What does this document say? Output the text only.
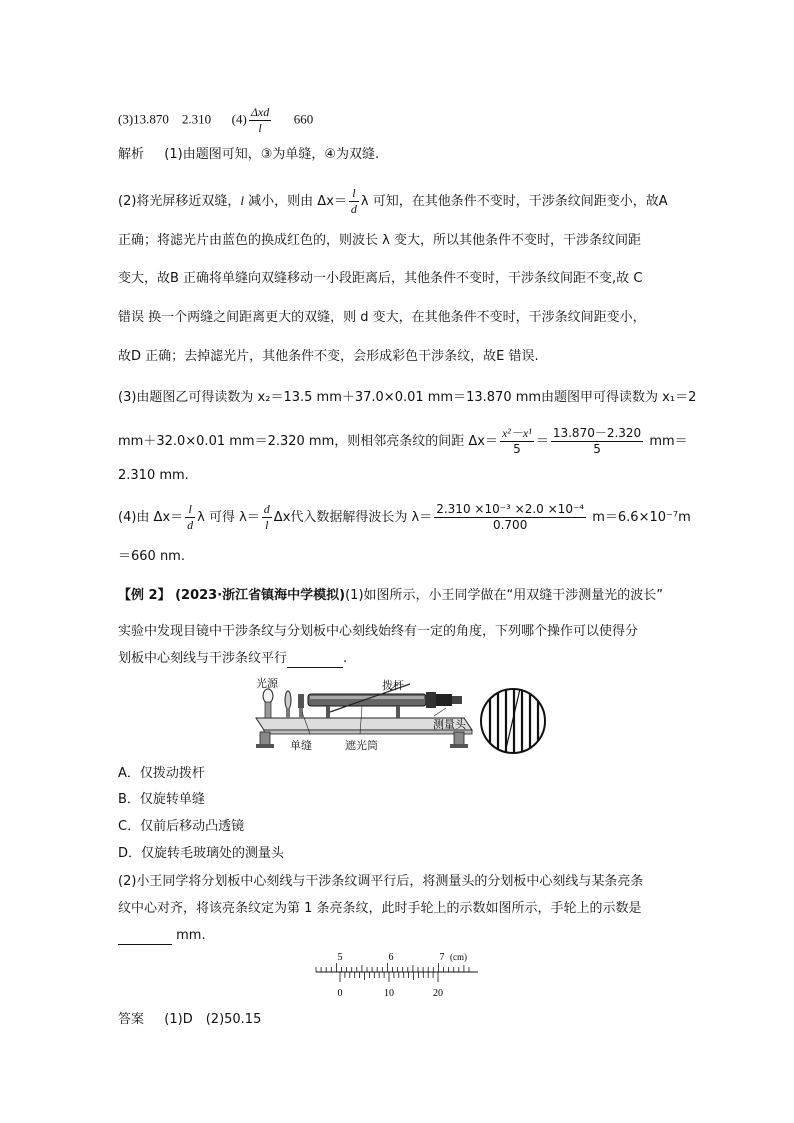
(3)13.870　2.310 $(4) \frac{\text{Δxd}}{l} 660$
解析 (1)由题图可知，③为单缝，④为双缝.
(2)将光屏移近双缝，l 减小，则由 $\Delta x= \frac{l}{d}$ λ 可知，在其他条件不变时，干涉条纹间距变小，故A
正确；将滤光片由蓝色的换成红色的，则波长 λ 变大，所以其他条件不变时，干涉条纹间距
变大，故B 正确将单缝向双缝移动一小段距离后，其他条件不变时，干涉条纹间距不变,故 C
错误 换一个两缝之间距离更大的双缝，则 d 变大，在其他条件不变时，干涉条纹间距变小，
故D 正确；去掉滤光片，其他条件不变，会形成彩色干涉条纹，故E 错误.
(3)由题图乙可得读数为 x₂＝13.5 mm＋37.0×0.01 mm＝13.870 mm由题图甲可得读数为 x₁＝2
mm＋32.0×0.01 mm＝2.320 mm，则相邻亮条纹的间距 $\Delta x= \frac{\text{x²－x¹}}{5} = \frac{13.870-2.320}{5} mm=$
2.310 mm.
(4)由 $\Delta x= \frac{l}{d}$ λ 可得 $\lambda= \frac{d}{l}$ Δx代入数据解得波长为 $\lambda= \frac{\text{2.310 ×10⁻³ ×2.0 ×10⁻⁴}}{0.700} m=6.6\times 10^{-7}m$
＝660 nm.
【例 2】 (2023·浙江省镇海中学模拟)(1)如图所示，小王同学做在“用双缝干涉测量光的波长”
实验中发现目镜中干涉条纹与分划板中心刻线始终有一定的角度，下列哪个操作可以使得分
划板中心刻线与干涉条纹平行	.
光源	拨杆
测量头
单缝	遮光筒
A．仅拨动拨杆
B．仅旋转单缝
C．仅前后移动凸透镜
D．仅旋转毛玻璃处的测量头
(2)小王同学将分划板中心刻线与干涉条纹调平行后，将测量头的分划板中心刻线与某条亮条
纹中心对齐，将该亮条纹定为第 1 条亮条纹，此时手轮上的示数如图所示，手轮上的示数是
mm.
5	6	7 (cm)
0	10	20
答案 (1)D　(2)50.15
